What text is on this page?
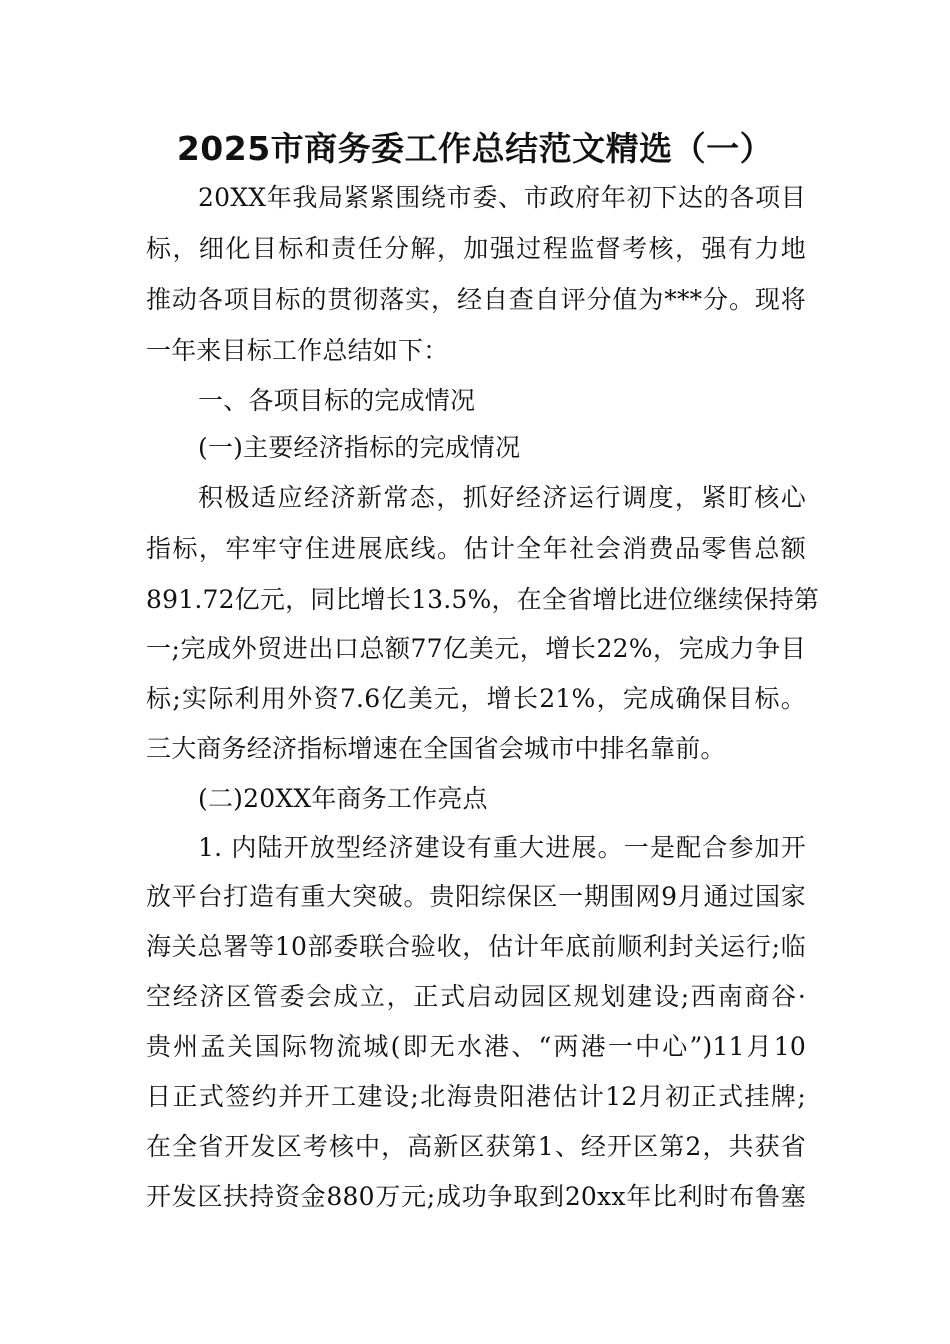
2025市商务委工作总结范文精选（一）
20XX年我局紧紧围绕市委、市政府年初下达的各项目
标，细化目标和责任分解，加强过程监督考核，强有力地
推动各项目标的贯彻落实，经自查自评分值为***分。现将
一年来目标工作总结如下：
一、各项目标的完成情况
(一)主要经济指标的完成情况
积极适应经济新常态，抓好经济运行调度，紧盯核心
指标，牢牢守住进展底线。估计全年社会消费品零售总额
891.72亿元，同比增长13.5%，在全省增比进位继续保持第
一;完成外贸进出口总额77亿美元，增长22%，完成力争目
标;实际利用外资7.6亿美元，增长21%，完成确保目标。
三大商务经济指标增速在全国省会城市中排名靠前。
(二)20XX年商务工作亮点
1. 内陆开放型经济建设有重大进展。一是配合参加开
放平台打造有重大突破。贵阳综保区一期围网9月通过国家
海关总署等10部委联合验收，估计年底前顺利封关运行;临
空经济区管委会成立，正式启动园区规划建设;西南商谷·
贵州孟关国际物流城(即无水港、“两港一中心”)11月10
日正式签约并开工建设;北海贵阳港估计12月初正式挂牌;
在全省开发区考核中，高新区获第1、经开区第2，共获省
开发区扶持资金880万元;成功争取到20xx年比利时布鲁塞
